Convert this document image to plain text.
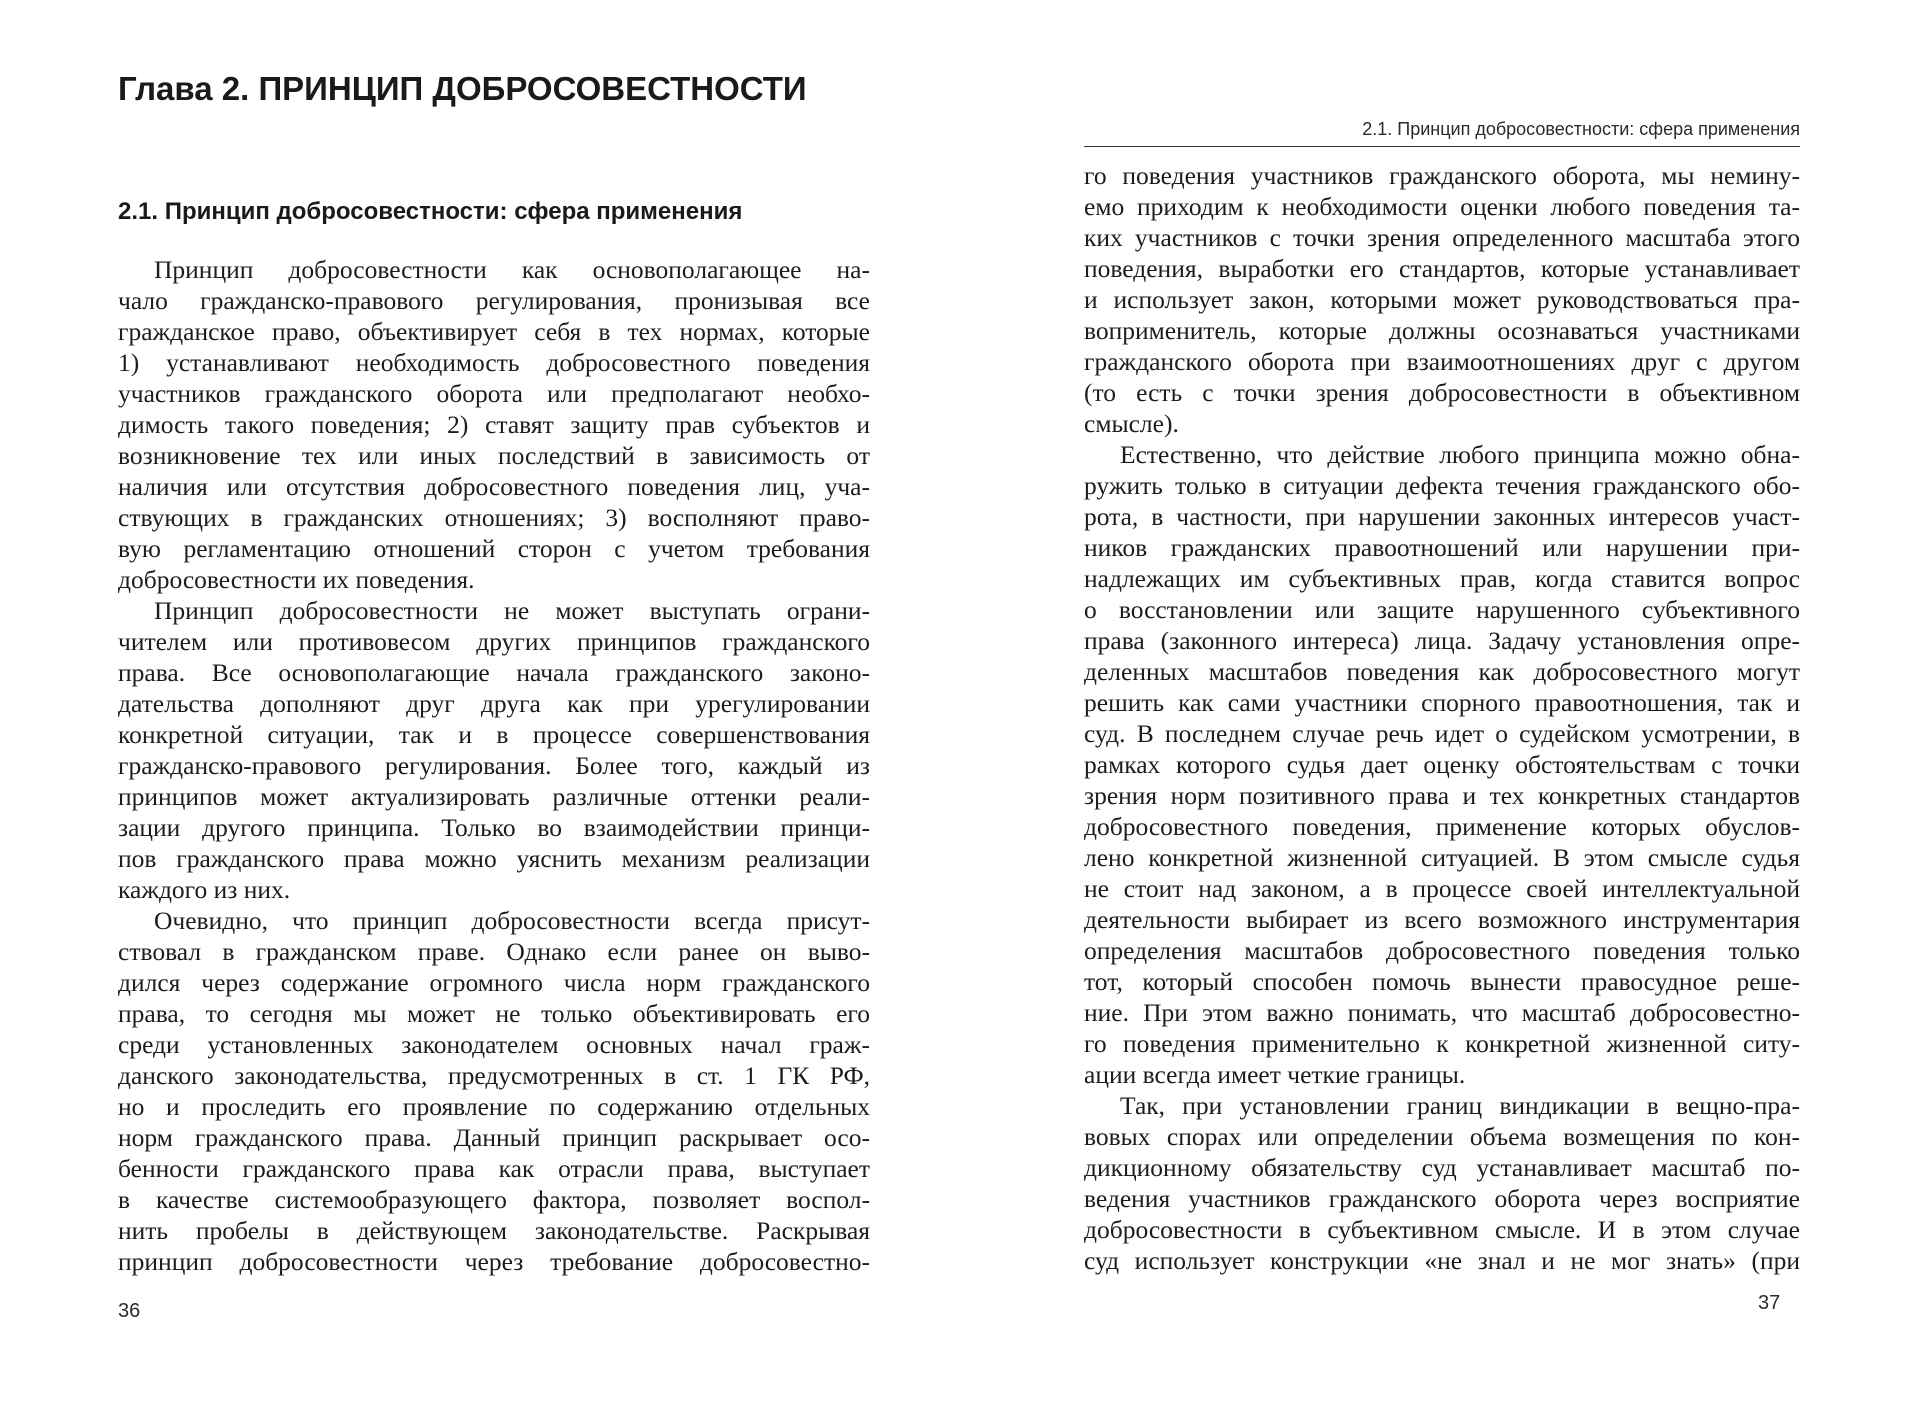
Глава 2. ПРИНЦИП ДОБРОСОВЕСТНОСТИ
2.1. Принцип добросовестности: сфера применения
Принцип добросовестности как основополагающее на-
чало гражданско-правового регулирования, пронизывая все
гражданское право, объективирует себя в тех нормах, которые
1) устанавливают необходимость добросовестного поведения
участников гражданского оборота или предполагают необхо-
димость такого поведения; 2) ставят защиту прав субъектов и
возникновение тех или иных последствий в зависимость от
наличия или отсутствия добросовестного поведения лиц, уча-
ствующих в гражданских отношениях; 3) восполняют право-
вую регламентацию отношений сторон с учетом требования
добросовестности их поведения.
Принцип добросовестности не может выступать ограни-
чителем или противовесом других принципов гражданского
права. Все основополагающие начала гражданского законо-
дательства дополняют друг друга как при урегулировании
конкретной ситуации, так и в процессе совершенствования
гражданско-правового регулирования. Более того, каждый из
принципов может актуализировать различные оттенки реали-
зации другого принципа. Только во взаимодействии принци-
пов гражданского права можно уяснить механизм реализации
каждого из них.
Очевидно, что принцип добросовестности всегда присут-
ствовал в гражданском праве. Однако если ранее он выво-
дился через содержание огромного числа норм гражданского
права, то сегодня мы может не только объективировать его
среди установленных законодателем основных начал граж-
данского законодательства, предусмотренных в ст. 1 ГК РФ,
но и проследить его проявление по содержанию отдельных
норм гражданского права. Данный принцип раскрывает осо-
бенности гражданского права как отрасли права, выступает
в качестве системообразующего фактора, позволяет воспол-
нить пробелы в действующем законодательстве. Раскрывая
принцип добросовестности через требование добросовестно-
36
2.1. Принцип добросовестности: сфера применения
го поведения участников гражданского оборота, мы немину-
емо приходим к необходимости оценки любого поведения та-
ких участников с точки зрения определенного масштаба этого
поведения, выработки его стандартов, которые устанавливает
и использует закон, которыми может руководствоваться пра-
воприменитель, которые должны осознаваться участниками
гражданского оборота при взаимоотношениях друг с другом
(то есть с точки зрения добросовестности в объективном
смысле).
Естественно, что действие любого принципа можно обна-
ружить только в ситуации дефекта течения гражданского обо-
рота, в частности, при нарушении законных интересов участ-
ников гражданских правоотношений или нарушении при-
надлежащих им субъективных прав, когда ставится вопрос
о восстановлении или защите нарушенного субъективного
права (законного интереса) лица. Задачу установления опре-
деленных масштабов поведения как добросовестного могут
решить как сами участники спорного правоотношения, так и
суд. В последнем случае речь идет о судейском усмотрении, в
рамках которого судья дает оценку обстоятельствам с точки
зрения норм позитивного права и тех конкретных стандартов
добросовестного поведения, применение которых обуслов-
лено конкретной жизненной ситуацией. В этом смысле судья
не стоит над законом, а в процессе своей интеллектуальной
деятельности выбирает из всего возможного инструментария
определения масштабов добросовестного поведения только
тот, который способен помочь вынести правосудное реше-
ние. При этом важно понимать, что масштаб добросовестно-
го поведения применительно к конкретной жизненной ситу-
ации всегда имеет четкие границы.
Так, при установлении границ виндикации в вещно-пра-
вовых спорах или определении объема возмещения по кон-
дикционному обязательству суд устанавливает масштаб по-
ведения участников гражданского оборота через восприятие
добросовестности в субъективном смысле. И в этом случае
суд использует конструкции «не знал и не мог знать» (при
37
